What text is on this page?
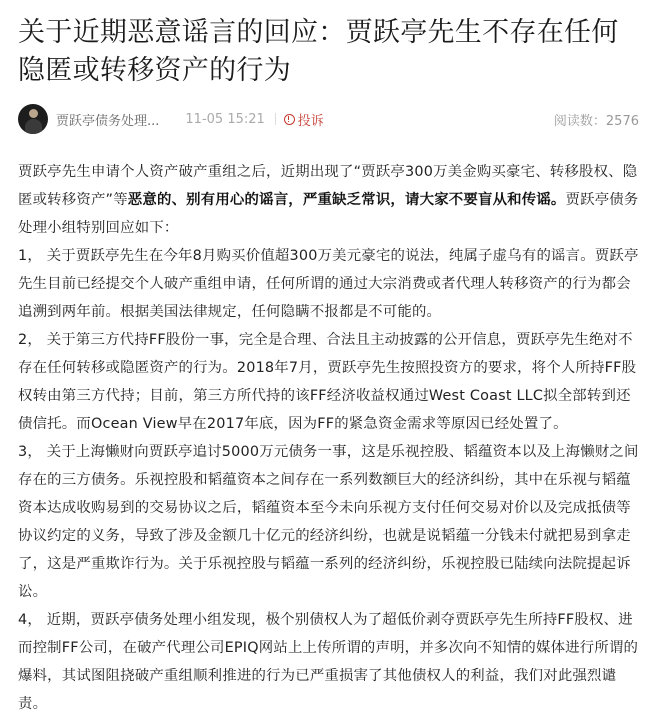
关于近期恶意谣言的回应：贾跃亭先生不存在任何隐匿或转移资产的行为
贾跃亭债务处理... 11-05 15:21	投诉	阅读数：2576

贾跃亭先生申请个人资产破产重组之后，近期出现了“贾跃亭300万美金购买豪宅、转移股权、隐匿或转移资产”等恶意的、别有用心的谣言，严重缺乏常识，请大家不要盲从和传谣。贾跃亭债务处理小组特别回应如下：

1， 关于贾跃亭先生在今年8月购买价值超300万美元豪宅的说法，纯属子虚乌有的谣言。贾跃亭先生目前已经提交个人破产重组申请，任何所谓的通过大宗消费或者代理人转移资产的行为都会追溯到两年前。根据美国法律规定，任何隐瞒不报都是不可能的。

2， 关于第三方代持FF股份一事，完全是合理、合法且主动披露的公开信息，贾跃亭先生绝对不存在任何转移或隐匿资产的行为。2018年7月，贾跃亭先生按照投资方的要求，将个人所持FF股权转由第三方代持；目前，第三方所代持的该FF经济收益权通过West Coast LLC拟全部转到还债信托。而Ocean View早在2017年底，因为FF的紧急资金需求等原因已经处置了。

3， 关于上海懒财向贾跃亭追讨5000万元债务一事，这是乐视控股、韬蕴资本以及上海懒财之间存在的三方债务。乐视控股和韬蕴资本之间存在一系列数额巨大的经济纠纷，其中在乐视与韬蕴资本达成收购易到的交易协议之后，韬蕴资本至今未向乐视方支付任何交易对价以及完成抵债等协议约定的义务，导致了涉及金额几十亿元的经济纠纷，也就是说韬蕴一分钱未付就把易到拿走了，这是严重欺诈行为。关于乐视控股与韬蕴一系列的经济纠纷，乐视控股已陆续向法院提起诉讼。

4， 近期，贾跃亭债务处理小组发现，极个别债权人为了超低价剥夺贾跃亭先生所持FF股权、进而控制FF公司，在破产代理公司EPIQ网站上上传所谓的声明，并多次向不知情的媒体进行所谓的爆料，其试图阻挠破产重组顺利推进的行为已严重损害了其他债权人的利益，我们对此强烈谴责。
